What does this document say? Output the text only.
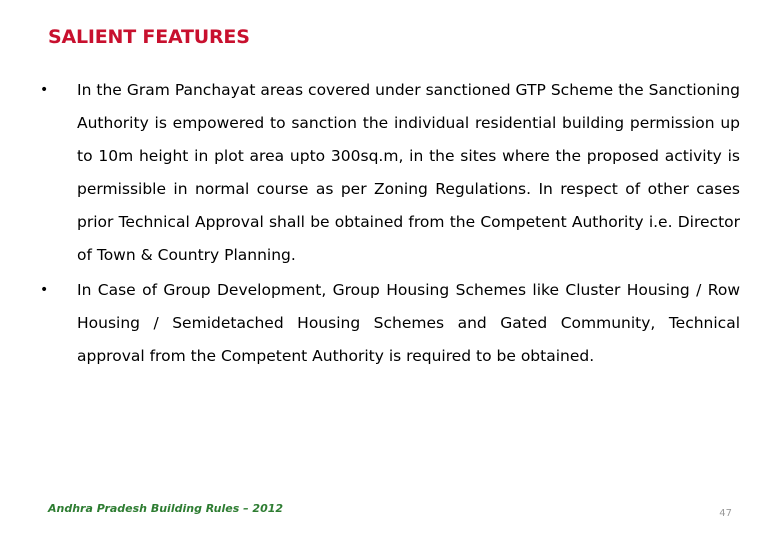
SALIENT FEATURES
•	In the Gram Panchayat areas covered under sanctioned GTP Scheme the Sanctioning Authority is empowered to sanction the individual residential building permission up to 10m height in plot area upto 300sq.m, in the sites where the proposed activity is permissible in normal course as per Zoning Regulations. In respect of other cases prior Technical Approval shall be obtained from the Competent Authority i.e. Director of Town & Country Planning.
•	In Case of Group Development, Group Housing Schemes like Cluster Housing / Row Housing / Semidetached Housing Schemes and Gated Community, Technical approval from the Competent Authority is required to be obtained.
Andhra Pradesh Building Rules – 2012	47
